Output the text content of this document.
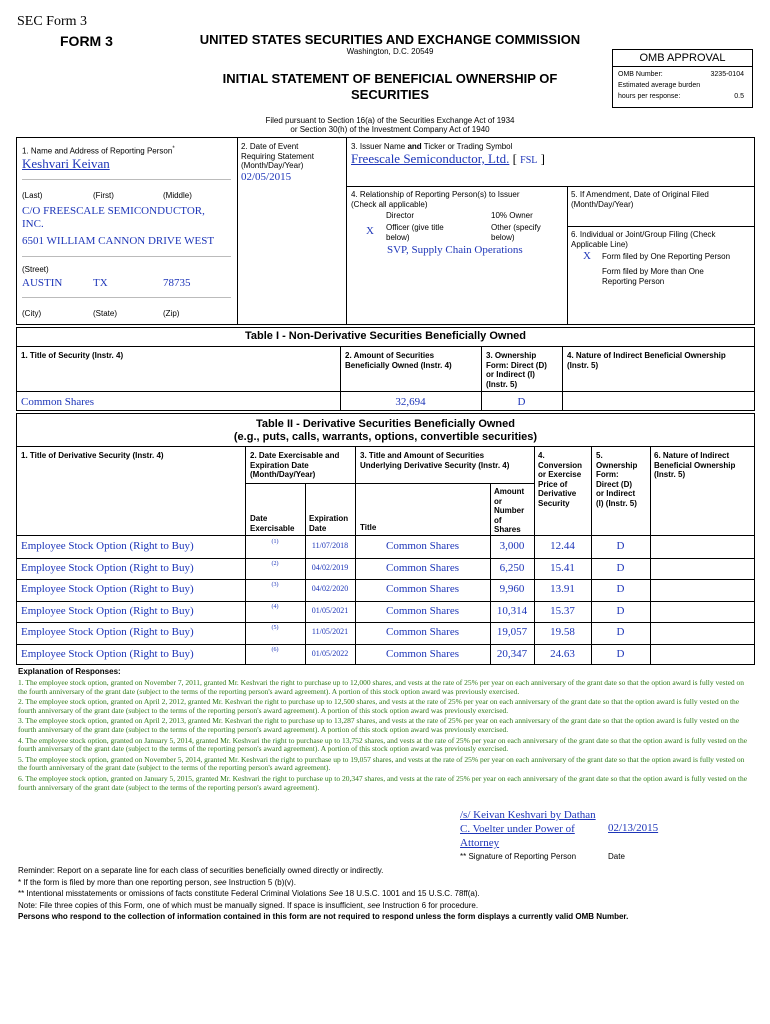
SEC Form 3
FORM 3	UNITED STATES SECURITIES AND EXCHANGE COMMISSION
Washington, D.C. 20549
INITIAL STATEMENT OF BENEFICIAL OWNERSHIP OF
SECURITIES
Filed pursuant to Section 16(a) of the Securities Exchange Act of 1934
or Section 30(h) of the Investment Company Act of 1940
OMB APPROVAL
OMB Number:	3235-0104
Estimated average burden
hours per response:	0.5
1. Name and Address of Reporting Person*
Keshvari Keivan
(Last)	(First)	(Middle)
C/O FREESCALE SEMICONDUCTOR,
INC.
6501 WILLIAM CANNON DRIVE WEST
(Street)
AUSTIN	TX	78735
(City)	(State)	(Zip)
2. Date of Event
Requiring Statement
(Month/Day/Year)
02/05/2015
3. Issuer Name and Ticker or Trading Symbol
Freescale Semiconductor, Ltd. [ FSL ]
4. Relationship of Reporting Person(s) to Issuer
(Check all applicable)
Director	10% Owner
X Officer (give title
below)
Other (specify
below)
SVP, Supply Chain Operations
5. If Amendment, Date of Original Filed
(Month/Day/Year)
6. Individual or Joint/Group Filing (Check
Applicable Line)
X Form filed by One Reporting Person
Form filed by More than One
Reporting Person
Table I - Non-Derivative Securities Beneficially Owned
1. Title of Security (Instr. 4)	2. Amount of Securities
Beneficially Owned (Instr. 4)
3. Ownership
Form: Direct (D)
or Indirect (I)
(Instr. 5)
4. Nature of Indirect Beneficial Ownership
(Instr. 5)
Common Shares	32,694	D
Table II - Derivative Securities Beneficially Owned
(e.g., puts, calls, warrants, options, convertible securities)
1. Title of Derivative Security (Instr. 4)	2. Date Exercisable and
Expiration Date
(Month/Day/Year)
3. Title and Amount of Securities
Underlying Derivative Security (Instr. 4)
4.
Conversion
or Exercise
Price of
Derivative
Security
5.
Ownership
Form:
Direct (D)
or Indirect
(I) (Instr. 5)
6. Nature of Indirect
Beneficial Ownership
(Instr. 5)
Date
Exercisable
Expiration
Date	Title
Amount
or
Number
of
Shares
Employee Stock Option (Right to Buy)	(1)	11/07/2018	Common Shares	3,000	12.44	D
Employee Stock Option (Right to Buy)	(2)	04/02/2019	Common Shares	6,250	15.41	D
Employee Stock Option (Right to Buy)	(3)	04/02/2020	Common Shares	9,960	13.91	D
Employee Stock Option (Right to Buy)	(4)	01/05/2021	Common Shares	10,314	15.37	D
Employee Stock Option (Right to Buy)	(5)	11/05/2021	Common Shares	19,057	19.58	D
Employee Stock Option (Right to Buy)	(6)	01/05/2022	Common Shares	20,347	24.63	D
Explanation of Responses:
1. The employee stock option, granted on November 7, 2011, granted Mr. Keshvari the right to purchase up to 12,000 shares, and vests at the rate of 25% per year on each anniversary of the grant date so that the option award is fully vested on the fourth anniversary of the grant date (subject to the terms of the reporting person's award agreement). A portion of this stock option award was previously exercised.
2. The employee stock option, granted on April 2, 2012, granted Mr. Keshvari the right to purchase up to 12,500 shares, and vests at the rate of 25% per year on each anniversary of the grant date so that the option award is fully vested on the fourth anniversary of the grant date (subject to the terms of the reporting person's award agreement). A portion of this stock option award was previously exercised.
3. The employee stock option, granted on April 2, 2013, granted Mr. Keshvari the right to purchase up to 13,287 shares, and vests at the rate of 25% per year on each anniversary of the grant date so that the option award is fully vested on the fourth anniversary of the grant date (subject to the terms of the reporting person's award agreement). A portion of this stock option award was previously exercised.
4. The employee stock option, granted on January 5, 2014, granted Mr. Keshvari the right to purchase up to 13,752 shares, and vests at the rate of 25% per year on each anniversary of the grant date so that the option award is fully vested on the fourth anniversary of the grant date (subject to the terms of the reporting person's award agreement). A portion of this stock option award was previously exercised.
5. The employee stock option, granted on November 5, 2014, granted Mr. Keshvari the right to purchase up to 19,057 shares, and vests at the rate of 25% per year on each anniversary of the grant date so that the option award is fully vested on the fourth anniversary of the grant date (subject to the terms of the reporting person's award agreement).
6. The employee stock option, granted on January 5, 2015, granted Mr. Keshvari the right to purchase up to 20,347 shares, and vests at the rate of 25% per year on each anniversary of the grant date so that the option award is fully vested on the fourth anniversary of the grant date (subject to the terms of the reporting person's award agreement).
/s/ Keivan Keshvari by Dathan
C. Voelter under Power of
Attorney
02/13/2015
** Signature of Reporting Person	Date
Reminder: Report on a separate line for each class of securities beneficially owned directly or indirectly.
* If the form is filed by more than one reporting person, see Instruction 5 (b)(v).
** Intentional misstatements or omissions of facts constitute Federal Criminal Violations See 18 U.S.C. 1001 and 15 U.S.C. 78ff(a).
Note: File three copies of this Form, one of which must be manually signed. If space is insufficient, see Instruction 6 for procedure.
Persons who respond to the collection of information contained in this form are not required to respond unless the form displays a currently valid OMB Number.
